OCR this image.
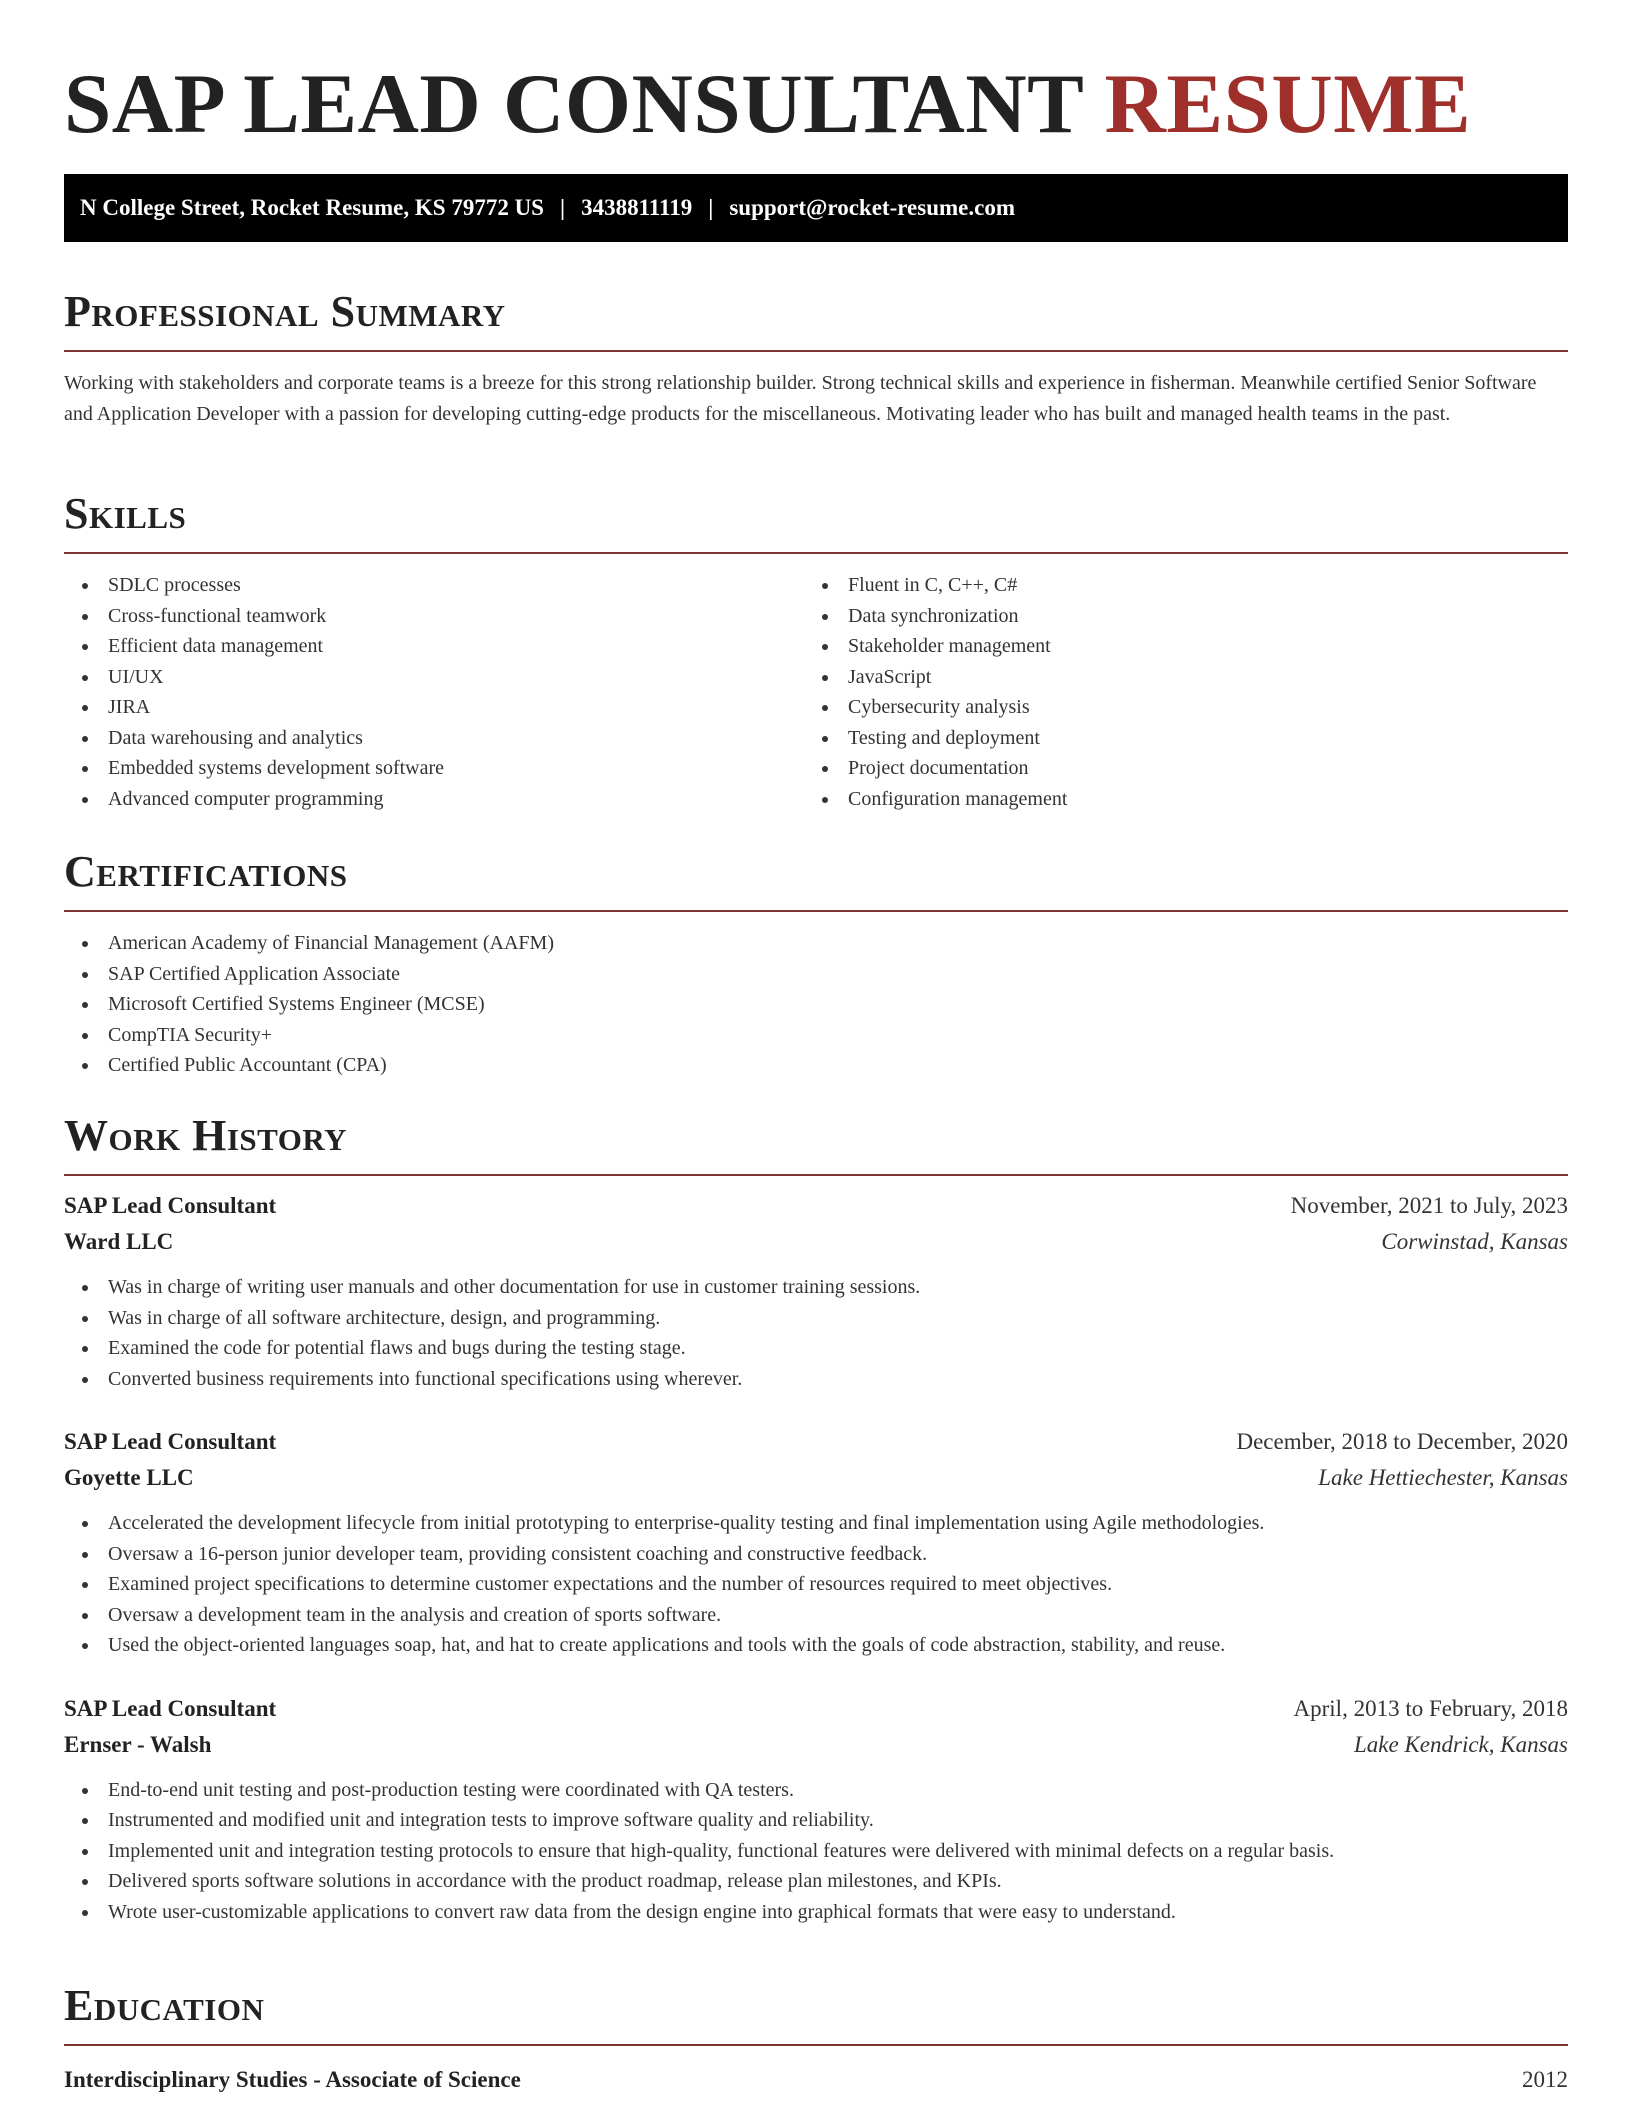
SAP LEAD CONSULTANT RESUME
N College Street, Rocket Resume, KS 79772 US | 3438811119 | support@rocket-resume.com
Professional Summary

Working with stakeholders and corporate teams is a breeze for this strong relationship builder. Strong technical skills and experience in fisherman. Meanwhile certified Senior Software and Application Developer with a passion for developing cutting-edge products for the miscellaneous. Motivating leader who has built and managed health teams in the past.

Skills
SDLC processes
Cross-functional teamwork
Efficient data management
UI/UX
JIRA
Data warehousing and analytics
Embedded systems development software
Advanced computer programming
Fluent in C, C++, C#
Data synchronization
Stakeholder management
JavaScript
Cybersecurity analysis
Testing and deployment
Project documentation
Configuration management
Certifications
American Academy of Financial Management (AAFM)
SAP Certified Application Associate
Microsoft Certified Systems Engineer (MCSE)
CompTIA Security+
Certified Public Accountant (CPA)
Work History
SAP Lead Consultant	November, 2021 to July, 2023
Ward LLC	Corwinstad, Kansas
Was in charge of writing user manuals and other documentation for use in customer training sessions.
Was in charge of all software architecture, design, and programming.
Examined the code for potential flaws and bugs during the testing stage.
Converted business requirements into functional specifications using wherever.
SAP Lead Consultant	December, 2018 to December, 2020
Goyette LLC	Lake Hettiechester, Kansas
Accelerated the development lifecycle from initial prototyping to enterprise-quality testing and final implementation using Agile methodologies.
Oversaw a 16-person junior developer team, providing consistent coaching and constructive feedback.
Examined project specifications to determine customer expectations and the number of resources required to meet objectives.
Oversaw a development team in the analysis and creation of sports software.
Used the object-oriented languages soap, hat, and hat to create applications and tools with the goals of code abstraction, stability, and reuse.
SAP Lead Consultant	April, 2013 to February, 2018
Ernser - Walsh	Lake Kendrick, Kansas
End-to-end unit testing and post-production testing were coordinated with QA testers.
Instrumented and modified unit and integration tests to improve software quality and reliability.
Implemented unit and integration testing protocols to ensure that high-quality, functional features were delivered with minimal defects on a regular basis.
Delivered sports software solutions in accordance with the product roadmap, release plan milestones, and KPIs.
Wrote user-customizable applications to convert raw data from the design engine into graphical formats that were easy to understand.
Education
Interdisciplinary Studies - Associate of Science	2012
